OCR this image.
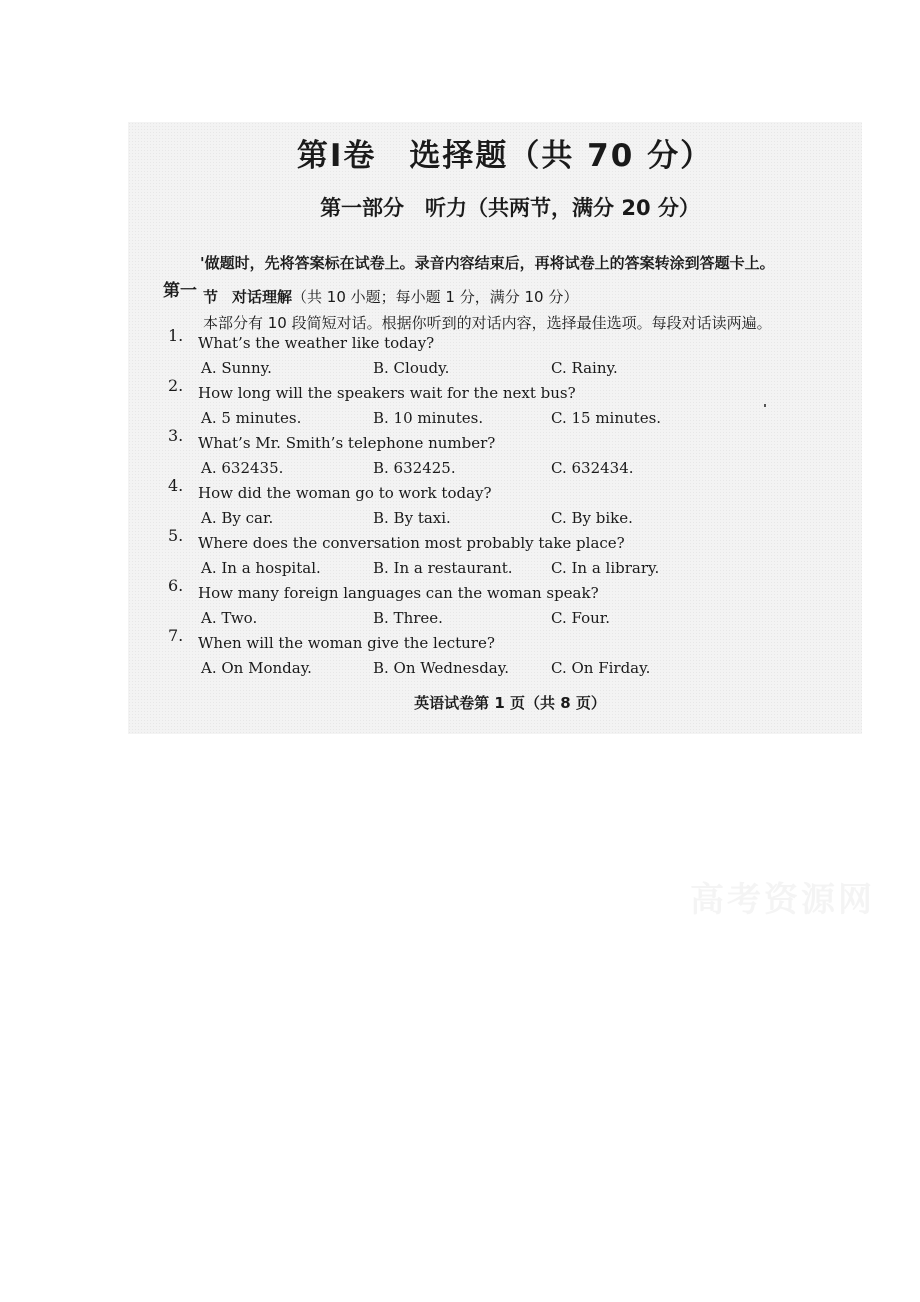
第Ⅰ卷　选择题（共 70 分）
第一部分　听力（共两节，满分 20 分）
'做题时，先将答案标在试卷上。录音内容结束后，再将试卷上的答案转涂到答题卡上。
第一 节 对话理解（共 10 小题；每小题 1 分，满分 10 分）
本部分有 10 段简短对话。根据你听到的对话内容，选择最佳选项。每段对话读两遍。
1. What’s the weather like today?
A. Sunny.	B. Cloudy.	C. Rainy.
2. How long will the speakers wait for the next bus?
A. 5 minutes.	B. 10 minutes.	C. 15 minutes.
3. What’s Mr. Smith’s telephone number?
A. 632435.	B. 632425.	C. 632434.
4. How did the woman go to work today?
A. By car.	B. By taxi.	C. By bike.
5. Where does the conversation most probably take place?
A. In a hospital.	B. In a restaurant.	C. In a library.
6. How many foreign languages can the woman speak?
A. Two.	B. Three.	C. Four.
7. When will the woman give the lecture?
A. On Monday.	B. On Wednesday.	C. On Firday.
英语试卷第 1 页（共 8 页）
高考资源网
